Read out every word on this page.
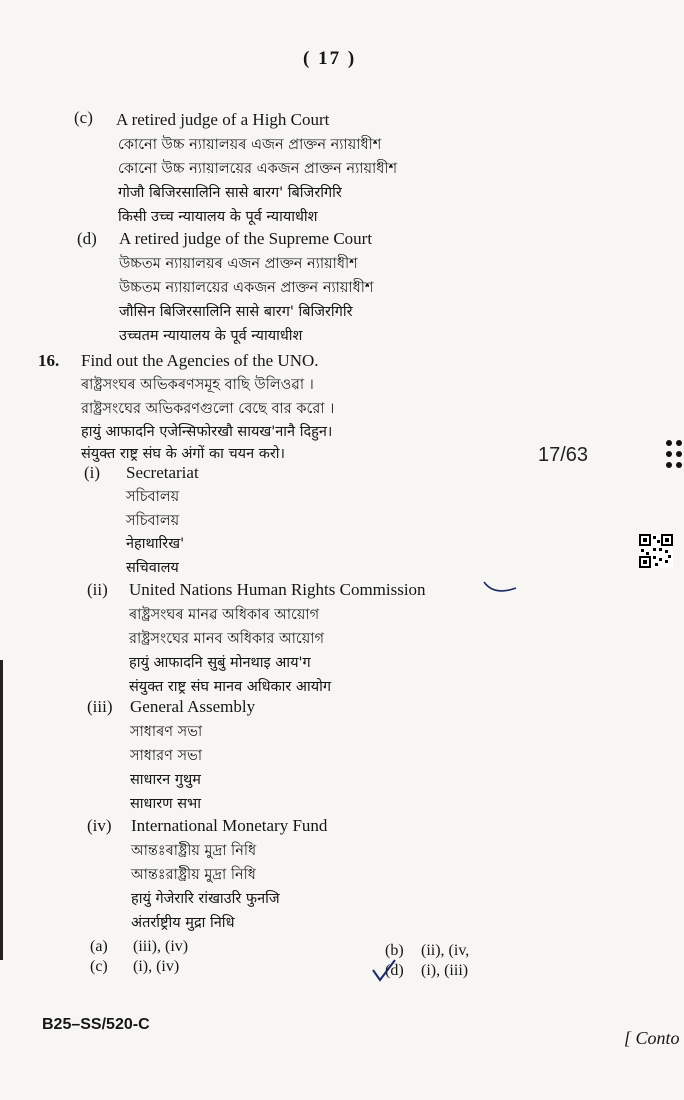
( 17 )
(c) A retired judge of a High Court
কোনো উচ্চ ন্যায়ালয়ৰ এজন প্ৰাক্তন ন্যায়াধীশ
কোনো উচ্চ ন্যায়ালয়ের একজন প্রাক্তন ন্যায়াধীশ
गोजौ बिजिरसालिनि सासे बारग' बिजिरगिरि
किसी उच्च न्यायालय के पूर्व न्यायाधीश
(d) A retired judge of the Supreme Court
উচ্চতম ন্যায়ালয়ৰ এজন প্ৰাক্তন ন্যায়াধীশ
উচ্চতম ন্যায়ালয়ের একজন প্রাক্তন ন্যায়াধীশ
जौसिन बिजिरसालिनि सासे बारग' बिजिरगिरि
उच्चतम न्यायालय के पूर्व न्यायाधीश
16. Find out the Agencies of the UNO.
ৰাষ্ট্ৰসংঘৰ অভিকৰণসমূহ বাছি উলিওৱা ।
রাষ্ট্রসংঘের অভিকরণগুলো বেছে বার করো ।
हायुं आफादनि एजेन्सिफोरखौ सायख'नानै दिहुन।
संयुक्त राष्ट्र संघ के अंगों का चयन करो।	17/63
(i) Secretariat
সচিবালয়
সচিবালয়
नेहाथारिख'
सचिवालय
(ii) United Nations Human Rights Commission
ৰাষ্ট্ৰসংঘৰ মানৱ অধিকাৰ আয়োগ
রাষ্ট্রসংঘের মানব অধিকার আয়োগ
हायुं आफादनि सुबुं मोनथाइ आय'ग
संयुक्त राष्ट्र संघ मानव अधिकार आयोग
(iii) General Assembly
সাধাৰণ সভা
সাধারণ সভা
साधारन गुथुम
साधारण सभा
(iv) International Monetary Fund
আন্তঃৰাষ্ট্ৰীয় মুদ্ৰা নিধি
আন্তঃরাষ্ট্রীয় মুদ্রা নিধি
हायुं गेजेरारि रांखाउरि फुनजि
अंतर्राष्ट्रीय मुद्रा निधि
(a) (iii), (iv)	(b) (ii), (iv,
(c) (i), (iv)	(d) (i), (iii)
B25–SS/520-C
[ Conto
